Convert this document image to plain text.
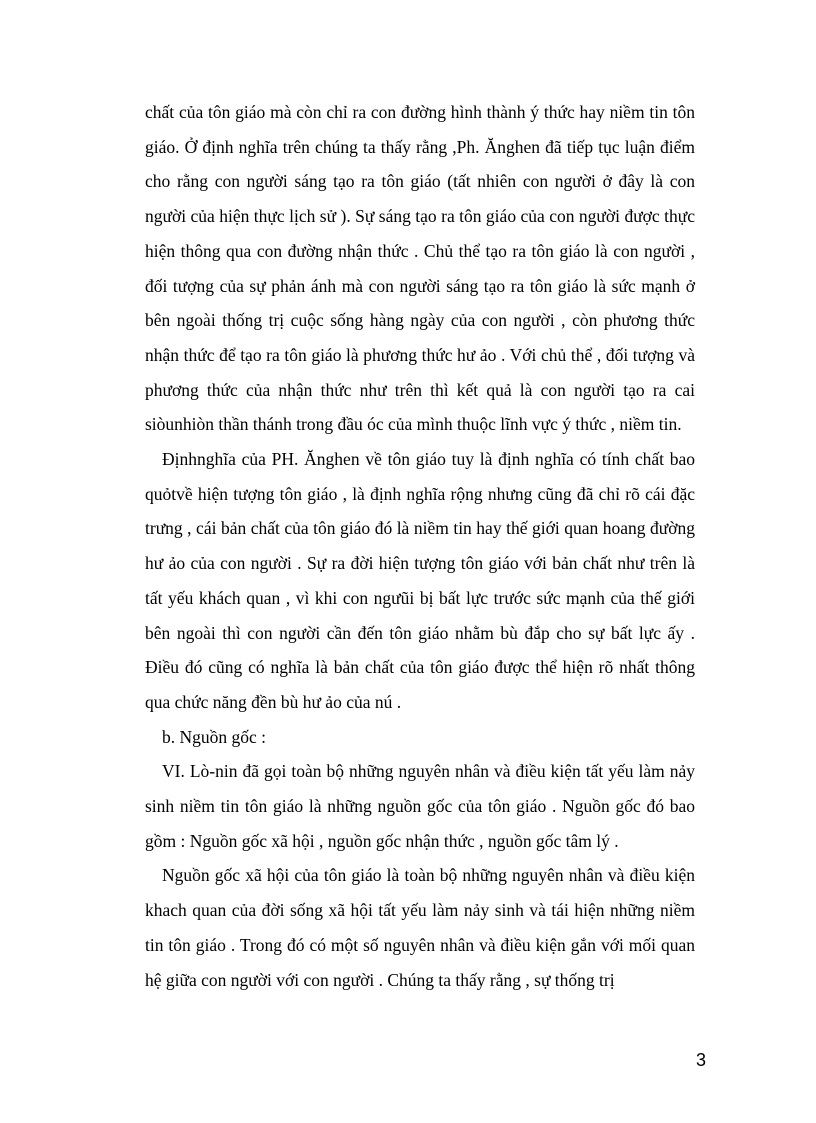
chất của tôn giáo mà còn chỉ ra con đường hình thành ý thức hay niềm tin tôn giáo. Ở định nghĩa trên chúng ta thấy rằng ,Ph. Ănghen đã tiếp tục luận điểm cho rằng con người sáng tạo ra tôn giáo (tất nhiên con người ở đây là con người của hiện thực lịch sử ). Sự sáng tạo ra tôn giáo của con người được thực hiện thông qua con đường nhận thức . Chủ thể tạo ra tôn giáo là con người , đối tượng của sự phản ánh mà con người sáng tạo ra tôn giáo là sức mạnh ở bên ngoài thống trị cuộc sống hàng ngày của con người , còn phương thức nhận thức để tạo ra tôn giáo là phương thức hư ảo . Với chủ thể , đối tượng và phương thức của nhận thức như trên thì kết quả là con người tạo ra cai siòunhiòn thần thánh trong đầu óc của mình thuộc lĩnh vực ý thức , niềm tin.

Địnhnghĩa của PH. Ănghen về tôn giáo tuy là định nghĩa có tính chất bao quỏtvề hiện tượng tôn giáo , là định nghĩa rộng nhưng cũng đã chỉ rõ cái đặc trưng , cái bản chất của tôn giáo đó là niềm tin hay thế giới quan hoang đường hư ảo của con người . Sự ra đời hiện tượng tôn giáo với bản chất như trên là tất yếu khách quan , vì khi con ngưũi bị bất lực trước sức mạnh của thế giới bên ngoài thì con người cần đến tôn giáo nhằm bù đắp cho sự bất lực ấy . Điều đó cũng có nghĩa là bản chất của tôn giáo được thể hiện rõ nhất thông qua chức năng đền bù hư ảo của nú .

b. Nguồn gốc :

VI. Lò-nin đã gọi toàn bộ những nguyên nhân và điều kiện tất yếu làm nảy sinh niềm tin tôn giáo là những nguồn gốc của tôn giáo . Nguồn gốc đó bao gồm : Nguồn gốc xã hội , nguồn gốc nhận thức , nguồn gốc tâm lý .

Nguồn gốc xã hội của tôn giáo là toàn bộ những nguyên nhân và điều kiện khach quan của đời sống xã hội tất yếu làm nảy sinh và tái hiện những niềm tin tôn giáo . Trong đó có một số nguyên nhân và điều kiện gắn với mối quan hệ giữa con người với con người . Chúng ta thấy rằng , sự thống trị

3
